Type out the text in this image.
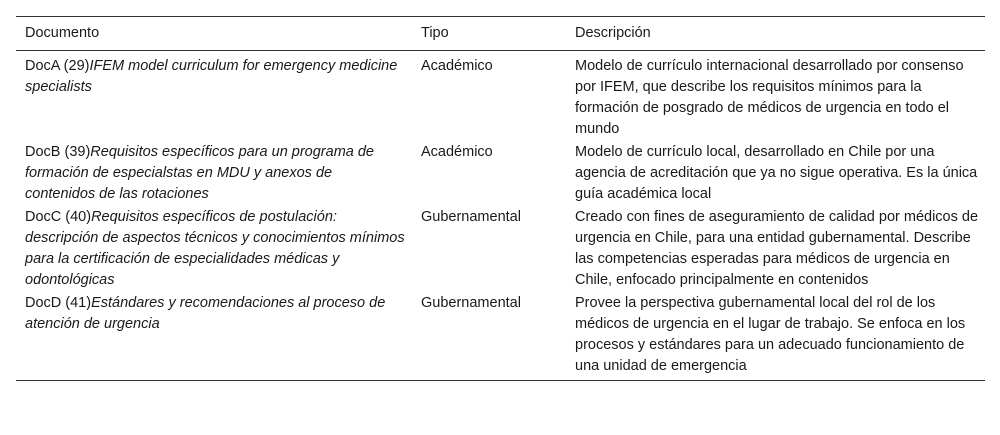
Documento	Tipo	Descripción
DocA (29)IFEM model curriculum for emergency medicine specialists	Académico	Modelo de currículo internacional desarrollado por consenso por IFEM, que describe los requisitos mínimos para la formación de posgrado de médicos de urgencia en todo el mundo
DocB (39)Requisitos específicos para un programa de formación de especialstas en MDU y anexos de contenidos de las rotaciones	Académico	Modelo de currículo local, desarrollado en Chile por una agencia de acreditación que ya no sigue operativa. Es la única guía académica local
DocC (40)Requisitos específicos de postulación: descripción de aspectos técnicos y conocimientos mínimos para la certificación de especialidades médicas y odontológicas	Gubernamental	Creado con fines de aseguramiento de calidad por médicos de urgencia en Chile, para una entidad gubernamental. Describe las competencias esperadas para médicos de urgencia en Chile, enfocado principalmente en contenidos
DocD (41)Estándares y recomendaciones al proceso de atención de urgencia	Gubernamental	Provee la perspectiva gubernamental local del rol de los médicos de urgencia en el lugar de trabajo. Se enfoca en los procesos y estándares para un adecuado funcionamiento de una unidad de emergencia
